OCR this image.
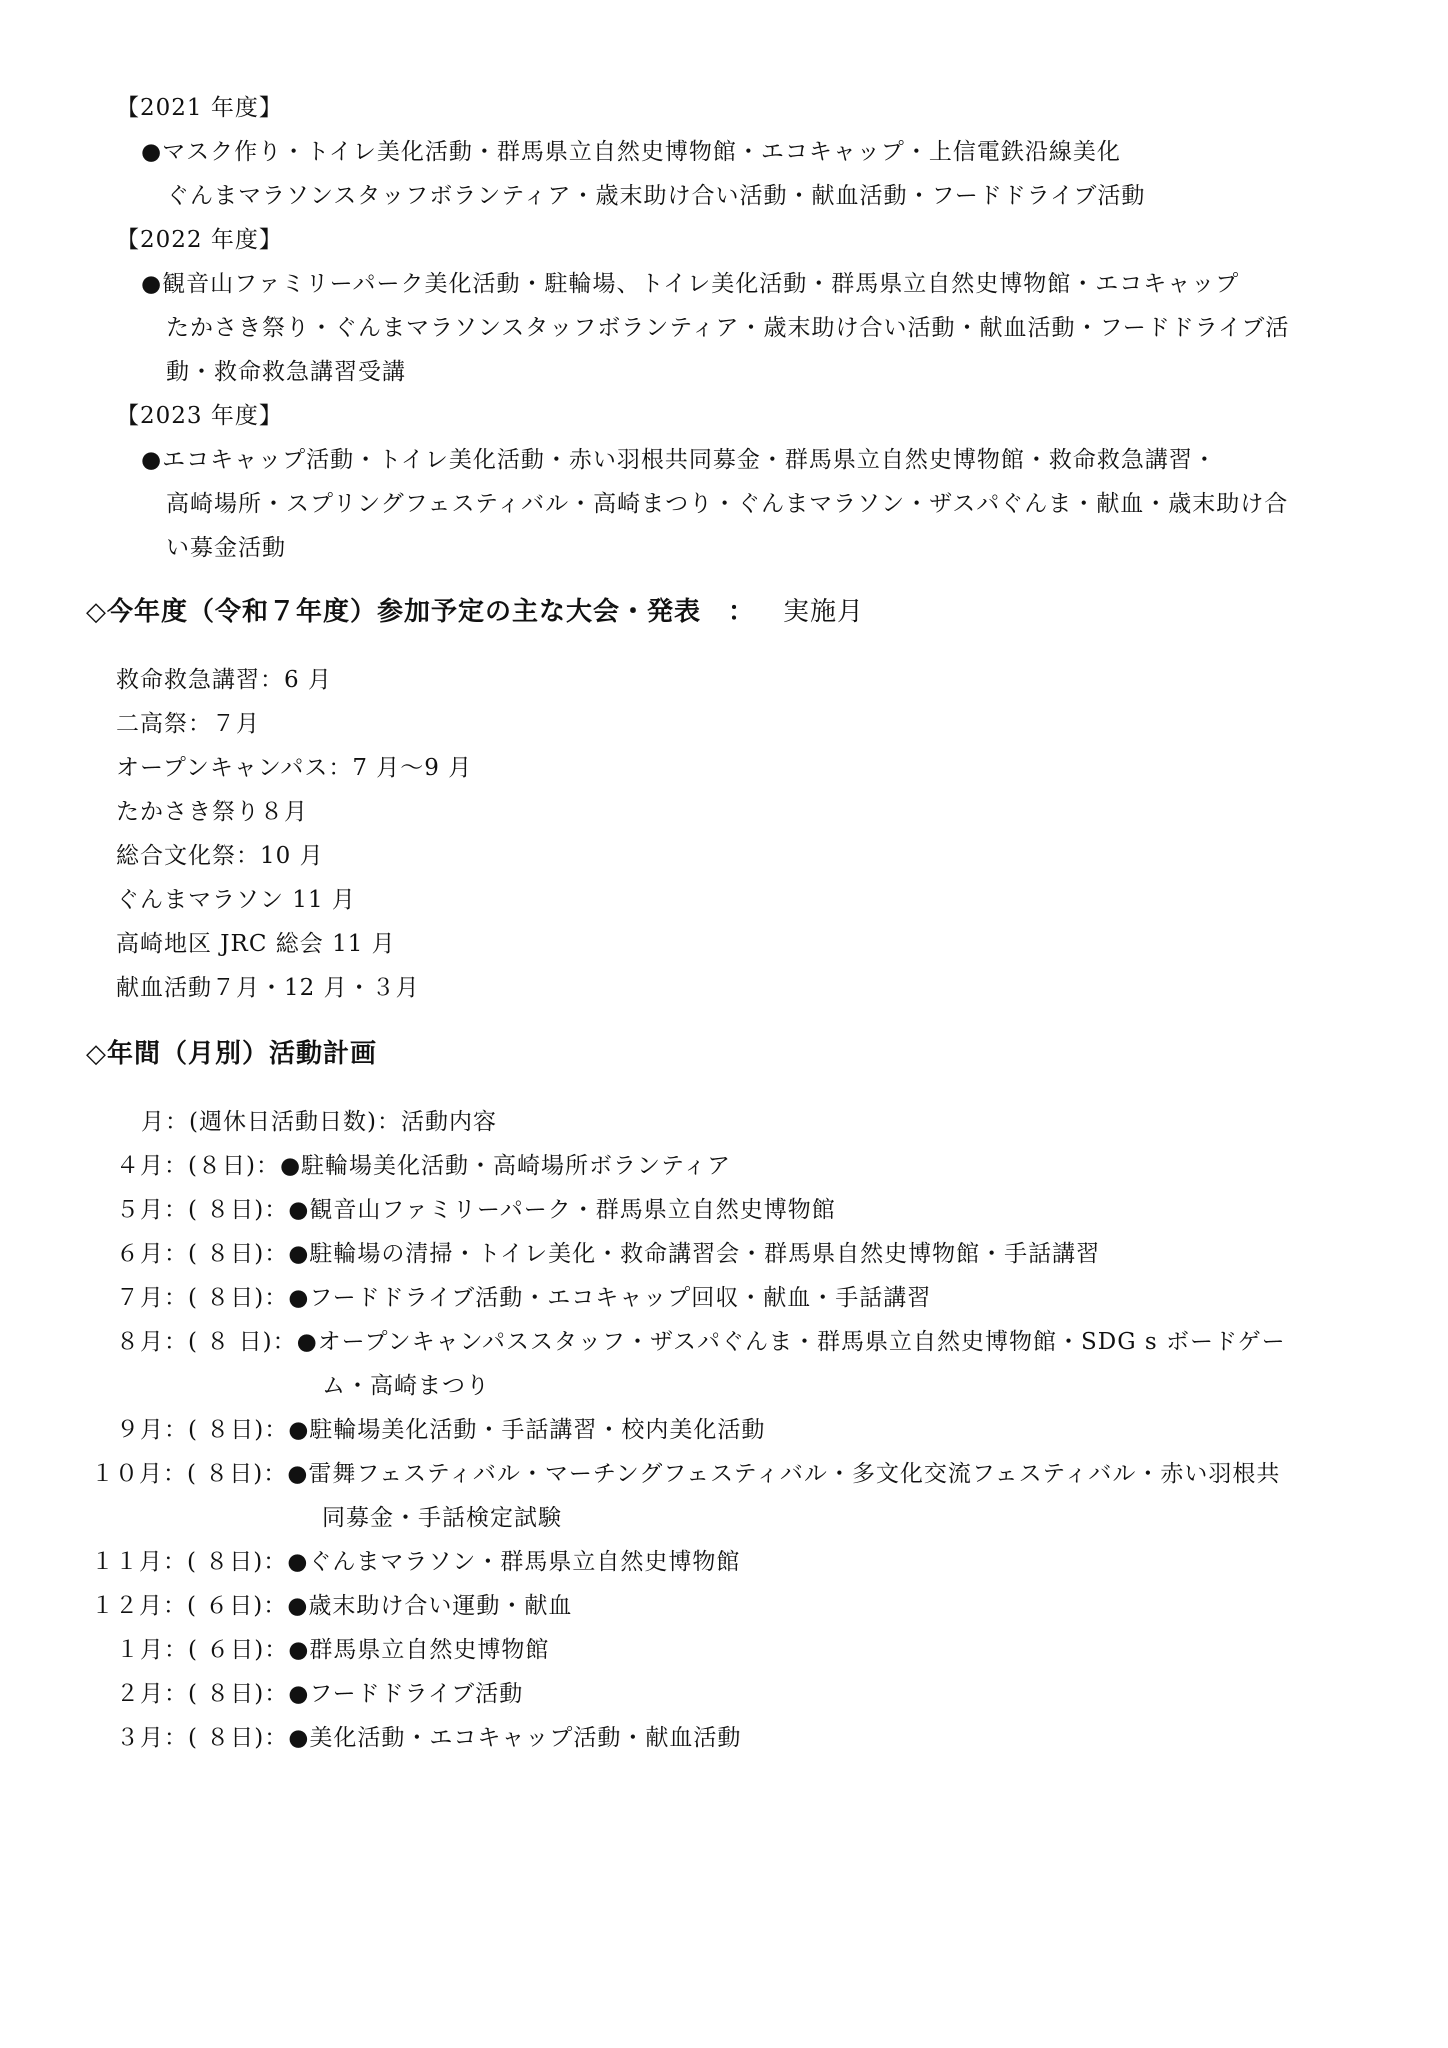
【2021 年度】
●マスク作り・トイレ美化活動・群馬県立自然史博物館・エコキャップ・上信電鉄沿線美化
ぐんまマラソンスタッフボランティア・歳末助け合い活動・献血活動・フードドライブ活動
【2022 年度】
●観音山ファミリーパーク美化活動・駐輪場、トイレ美化活動・群馬県立自然史博物館・エコキャップ
たかさき祭り・ぐんまマラソンスタッフボランティア・歳末助け合い活動・献血活動・フードドライブ活
動・救命救急講習受講
【2023 年度】
●エコキャップ活動・トイレ美化活動・赤い羽根共同募金・群馬県立自然史博物館・救命救急講習・
高崎場所・スプリングフェスティバル・高崎まつり・ぐんまマラソン・ザスパぐんま・献血・歳末助け合
い募金活動
◇今年度（令和７年度）参加予定の主な大会・発表　： 実施月
救命救急講習：6 月
二高祭：７月
オープンキャンパス：7 月〜9 月
たかさき祭り８月
総合文化祭：10 月
ぐんまマラソン 11 月
高崎地区 JRC 総会 11 月
献血活動７月・12 月・３月
◇年間（月別）活動計画
月：(週休日活動日数)：活動内容
４月：(８日)：●駐輪場美化活動・高崎場所ボランティア
５月：( ８日)：●観音山ファミリーパーク・群馬県立自然史博物館
６月：( ８日)：●駐輪場の清掃・トイレ美化・救命講習会・群馬県自然史博物館・手話講習
７月：( ８日)：●フードドライブ活動・エコキャップ回収・献血・手話講習
８月：( ８ 日)：●オープンキャンパススタッフ・ザスパぐんま・群馬県立自然史博物館・SDG s ボードゲー
ム・高崎まつり
９月：( ８日)：●駐輪場美化活動・手話講習・校内美化活動
１０月：( ８日)：●雷舞フェスティバル・マーチングフェスティバル・多文化交流フェスティバル・赤い羽根共
同募金・手話検定試験
１１月：( ８日)：●ぐんまマラソン・群馬県立自然史博物館
１２月：( ６日)：●歳末助け合い運動・献血
１月：( ６日)：●群馬県立自然史博物館
２月：( ８日)：●フードドライブ活動
３月：( ８日)：●美化活動・エコキャップ活動・献血活動
